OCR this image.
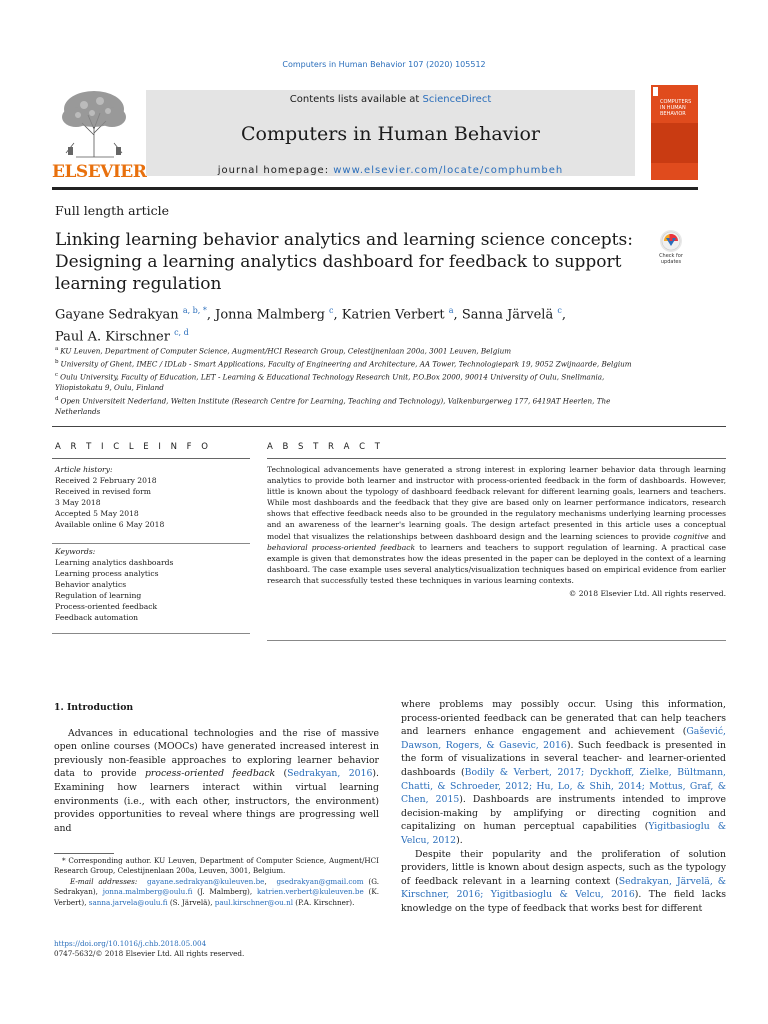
Computers in Human Behavior 107 (2020) 105512
ELSEVIER
Contents lists available at ScienceDirect
Computers in Human Behavior
journal homepage: www.elsevier.com/locate/comphumbeh
COMPUTERS IN HUMAN BEHAVIOR
Full length article
Linking learning behavior analytics and learning science concepts: Designing a learning analytics dashboard for feedback to support learning regulation
Check for updates
Gayane Sedrakyan $^{a, b, *}$, Jonna Malmberg $^c$, Katrien Verbert $^a$, Sanna Järvelä $^c$,
Paul A. Kirschner $^{c, d}$

$^a$ KU Leuven, Department of Computer Science, Augment/HCI Research Group, Celestijnenlaan 200a, 3001 Leuven, Belgium

$^b$ University of Ghent, IMEC / IDLab - Smart Applications, Faculty of Engineering and Architecture, AA Tower, Technologiepark 19, 9052 Zwijnaarde, Belgium

$^c$ Oulu University, Faculty of Education, LET - Learning & Educational Technology Research Unit, P.O.Box 2000, 90014 University of Oulu, Snellmania, Yliopistokatu 9, Oulu, Finland

$^d$ Open Universiteit Nederland, Welten Institute (Research Centre for Learning, Teaching and Technology), Valkenburgerweg 177, 6419AT Heerlen, The Netherlands

A R T I C L E I N F O	A B S T R A C T
Article history:
Received 2 February 2018
Received in revised form
3 May 2018
Accepted 5 May 2018
Available online 6 May 2018
Keywords:
Learning analytics dashboards
Learning process analytics
Behavior analytics
Regulation of learning
Process-oriented feedback
Feedback automation
Technological advancements have generated a strong interest in exploring learner behavior data through learning analytics to provide both learner and instructor with process-oriented feedback in the form of dashboards. However, little is known about the typology of dashboard feedback relevant for different learning goals, learners and teachers. While most dashboards and the feedback that they give are based only on learner performance indicators, research shows that effective feedback needs also to be grounded in the regulatory mechanisms underlying learning processes and an awareness of the learner's learning goals. The design artefact presented in this article uses a conceptual model that visualizes the relationships between dashboard design and the learning sciences to provide cognitive and behavioral process-oriented feedback to learners and teachers to support regulation of learning. A practical case example is given that demonstrates how the ideas presented in the paper can be deployed in the context of a learning dashboard. The case example uses several analytics/visualization techniques based on empirical evidence from earlier research that successfully tested these techniques in various learning contexts.
© 2018 Elsevier Ltd. All rights reserved.

1. Introduction

Advances in educational technologies and the rise of massive open online courses (MOOCs) have generated increased interest in previously non-feasible approaches to exploring learner behavior data to provide process-oriented feedback (Sedrakyan, 2016). Examining how learners interact within virtual learning environments (i.e., with each other, instructors, the environment) provides opportunities to reveal where things are progressing well and

* Corresponding author. KU Leuven, Department of Computer Science, Augment/HCI Research Group, Celestijnenlaan 200a, Leuven, 3001, Belgium.
E-mail addresses: gayane.sedrakyan@kuleuven.be,  gsedrakyan@gmail.com (G. Sedrakyan), jonna.malmberg@oulu.fi (J. Malmberg), katrien.verbert@kuleuven.be (K. Verbert), sanna.jarvela@oulu.fi (S. Järvelä), paul.kirschner@ou.nl (P.A. Kirschner).
https://doi.org/10.1016/j.chb.2018.05.004
0747-5632/© 2018 Elsevier Ltd. All rights reserved.

where problems may possibly occur. Using this information, process-oriented feedback can be generated that can help teachers and learners enhance engagement and achievement (Gašević, Dawson, Rogers, & Gasevic, 2016). Such feedback is presented in the form of visualizations in several teacher- and learner-oriented dashboards (Bodily & Verbert, 2017; Dyckhoff, Zielke, Bültmann, Chatti, & Schroeder, 2012; Hu, Lo, & Shih, 2014; Mottus, Graf, & Chen, 2015). Dashboards are instruments intended to improve decision-making by amplifying or directing cognition and capitalizing on human perceptual capabilities (Yigitbasioglu & Velcu, 2012).

Despite their popularity and the proliferation of solution providers, little is known about design aspects, such as the typology of feedback relevant in a learning context (Sedrakyan, Järvelä, & Kirschner, 2016; Yigitbasioglu & Velcu, 2016). The field lacks knowledge on the type of feedback that works best for different
